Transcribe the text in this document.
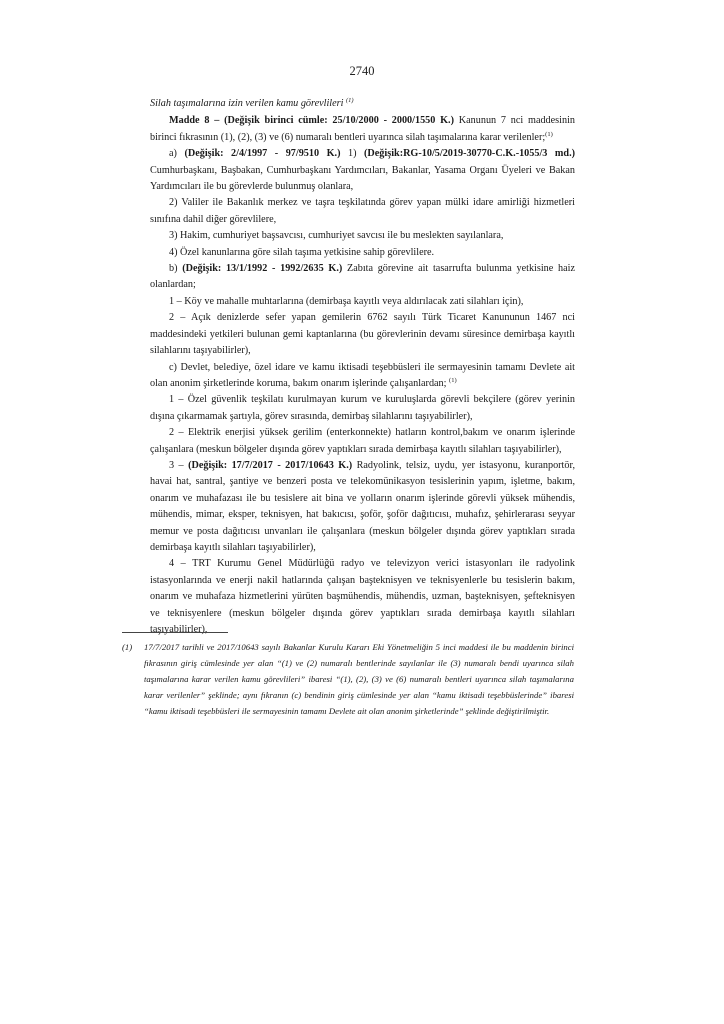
2740

Silah taşımalarına izin verilen kamu görevlileri $^{(1)}$

Madde 8 – (Değişik birinci cümle: 25/10/2000 - 2000/1550 K.) Kanunun 7 nci maddesinin birinci fıkrasının (1), (2), (3) ve (6) numaralı bentleri uyarınca silah taşımalarına karar verilenler;$^{(1)}$

a) (Değişik: 2/4/1997 - 97/9510 K.) 1) (Değişik:RG-10/5/2019-30770-C.K.-1055/3 md.) Cumhurbaşkanı, Başbakan, Cumhurbaşkanı Yardımcıları, Bakanlar, Yasama Organı Üyeleri ve Bakan Yardımcıları ile bu görevlerde bulunmuş olanlara,

2) Valiler ile Bakanlık merkez ve taşra teşkilatında görev yapan mülki idare amirliği hizmetleri sınıfına dahil diğer görevlilere,

3) Hakim, cumhuriyet başsavcısı, cumhuriyet savcısı ile bu meslekten sayılanlara,

4) Özel kanunlarına göre silah taşıma yetkisine sahip görevlilere.

b) (Değişik: 13/1/1992 - 1992/2635 K.) Zabıta görevine ait tasarrufta bulunma yetkisine haiz olanlardan;

1 – Köy ve mahalle muhtarlarına (demirbaşa kayıtlı veya aldırılacak zati silahları için),

2 – Açık denizlerde sefer yapan gemilerin 6762 sayılı Türk Ticaret Kanununun 1467 nci maddesindeki yetkileri bulunan gemi kaptanlarına (bu görevlerinin devamı süresince demirbaşa kayıtlı silahlarını taşıyabilirler),

c) Devlet, belediye, özel idare ve kamu iktisadi teşebbüsleri ile sermayesinin tamamı Devlete ait olan anonim şirketlerinde koruma, bakım onarım işlerinde çalışanlardan; $^{(1)}$

1 – Özel güvenlik teşkilatı kurulmayan kurum ve kuruluşlarda görevli bekçilere (görev yerinin dışına çıkarmamak şartıyla, görev sırasında, demirbaş silahlarını taşıyabilirler),

2 – Elektrik enerjisi yüksek gerilim (enterkonnekte) hatların kontrol,bakım ve onarım işlerinde çalışanlara (meskun bölgeler dışında görev yaptıkları sırada demirbaşa kayıtlı silahları taşıyabilirler),

3 – (Değişik: 17/7/2017 - 2017/10643 K.) Radyolink, telsiz, uydu, yer istasyonu, kuranportör, havai hat, santral, şantiye ve benzeri posta ve telekomünikasyon tesislerinin yapım, işletme, bakım, onarım ve muhafazası ile bu tesislere ait bina ve yolların onarım işlerinde görevli yüksek mühendis, mühendis, mimar, eksper, teknisyen, hat bakıcısı, şoför, şoför dağıtıcısı, muhafız, şehirlerarası seyyar memur ve posta dağıtıcısı unvanları ile çalışanlara (meskun bölgeler dışında görev yaptıkları sırada demirbaşa kayıtlı silahları taşıyabilirler),

4 – TRT Kurumu Genel Müdürlüğü radyo ve televizyon verici istasyonları ile radyolink istasyonlarında ve enerji nakil hatlarında çalışan başteknisyen ve teknisyenlerle bu tesislerin bakım, onarım ve muhafaza hizmetlerini yürüten başmühendis, mühendis, uzman, başteknisyen, şefteknisyen ve teknisyenlere (meskun bölgeler dışında görev yaptıkları sırada demirbaşa kayıtlı silahları taşıyabilirler),

(1) 17/7/2017 tarihli ve 2017/10643 sayılı Bakanlar Kurulu Kararı Eki Yönetmeliğin 5 inci maddesi ile bu maddenin birinci fıkrasının giriş cümlesinde yer alan “(1) ve (2) numaralı bentlerinde sayılanlar ile (3) numaralı bendi uyarınca silah taşımalarına karar verilen kamu görevlileri” ibaresi “(1), (2), (3) ve (6) numaralı bentleri uyarınca silah taşımalarına karar verilenler” şeklinde; aynı fıkranın (c) bendinin giriş cümlesinde yer alan “kamu iktisadi teşebbüslerinde” ibaresi “kamu iktisadi teşebbüsleri ile sermayesinin tamamı Devlete ait olan anonim şirketlerinde” şeklinde değiştirilmiştir.
